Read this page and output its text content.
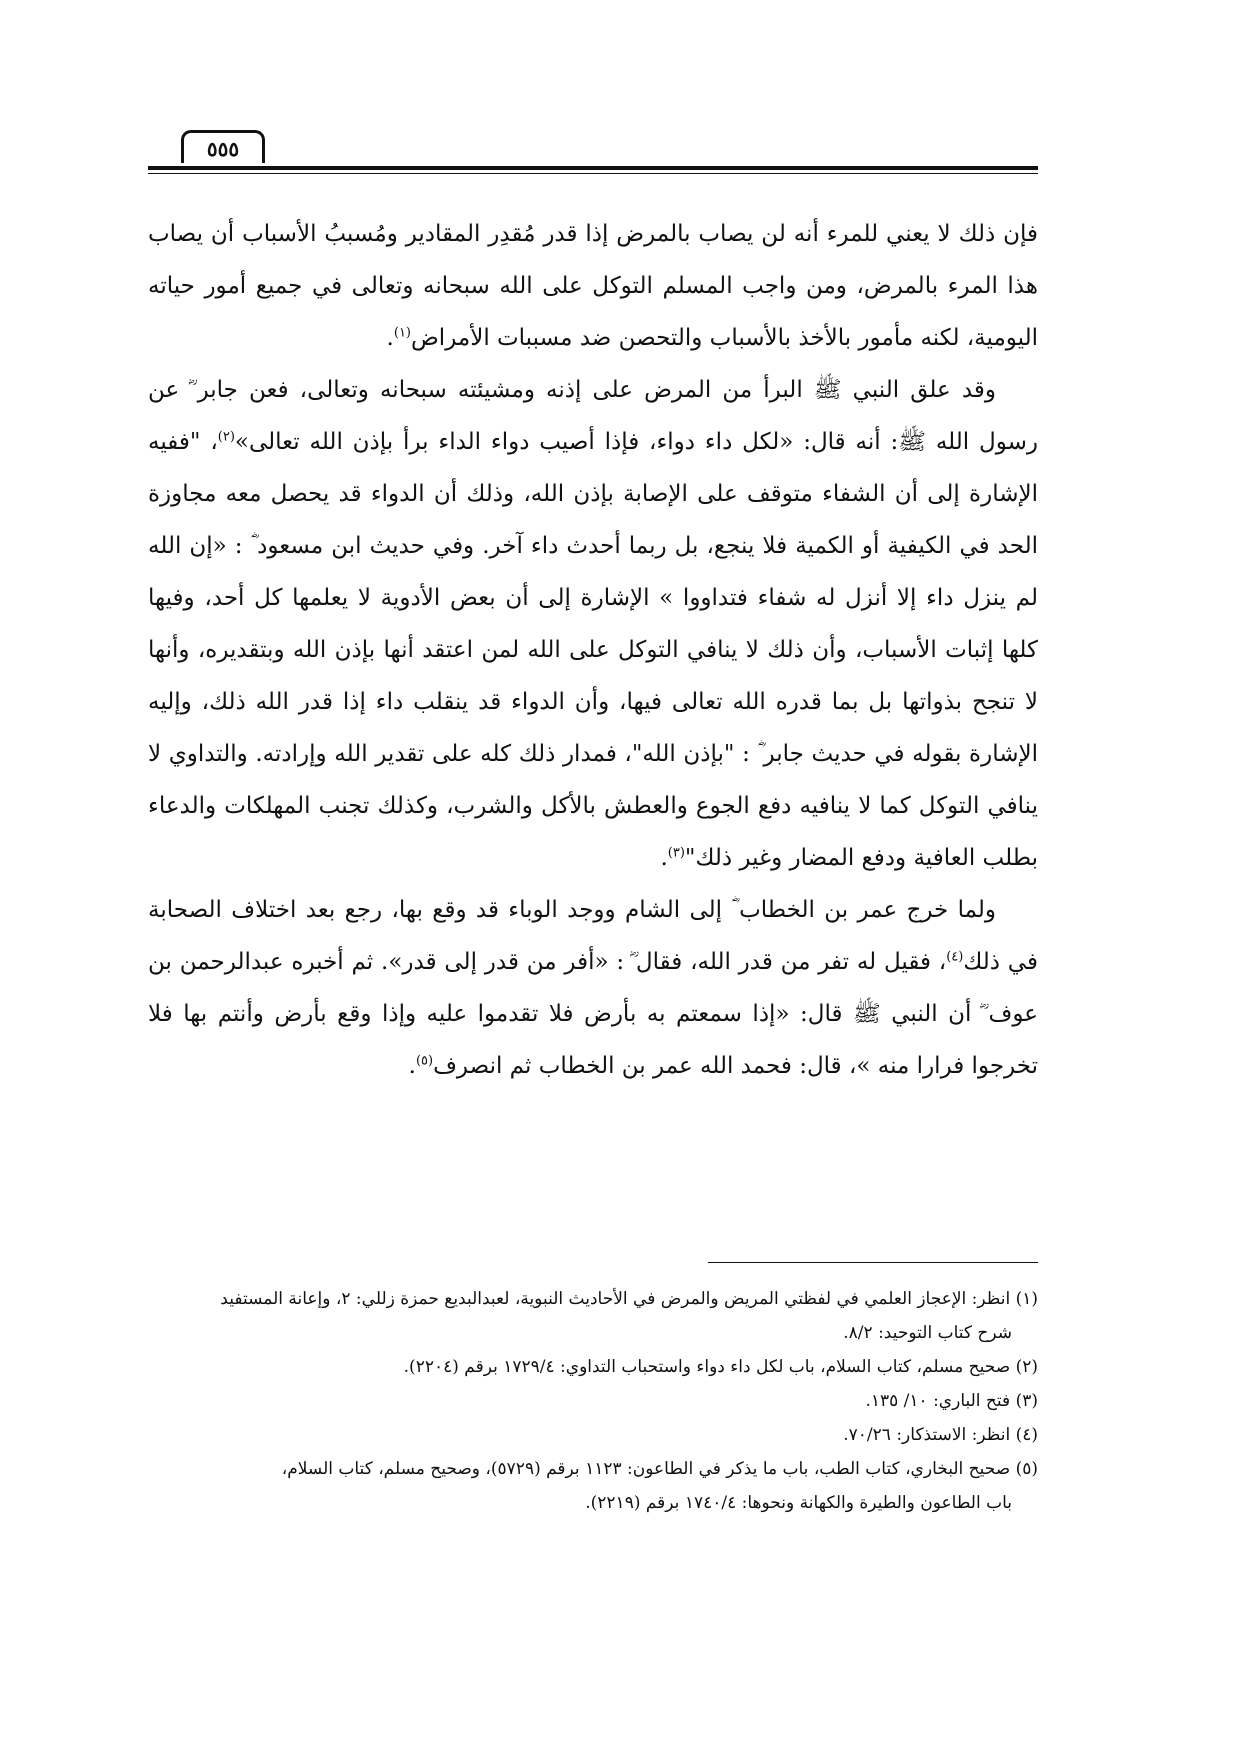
٥٥٥

فإن ذلك لا يعني للمرء أنه لن يصاب بالمرض إذا قدر مُقدِر المقادير ومُسببُ الأسباب أن يصاب هذا المرء بالمرض، ومن واجب المسلم التوكل على الله سبحانه وتعالى في جميع أمور حياته اليومية، لكنه مأمور بالأخذ بالأسباب والتحصن ضد مسببات الأمراض$^{(١)}$.

وقد علق النبي ﷺ البرأ من المرض على إذنه ومشيئته سبحانه وتعالى، فعن جابر ؓ عن رسول الله ﷺ: أنه قال: «لكل داء دواء، فإذا أصيب دواء الداء برأ بإذن الله تعالى»$^{(٢)}$، "ففيه الإشارة إلى أن الشفاء متوقف على الإصابة بإذن الله، وذلك أن الدواء قد يحصل معه مجاوزة الحد في الكيفية أو الكمية فلا ينجع، بل ربما أحدث داء آخر. وفي حديث ابن مسعود ؓ : «إن الله لم ينزل داء إلا أنزل له شفاء فتداووا » الإشارة إلى أن بعض الأدوية لا يعلمها كل أحد، وفيها كلها إثبات الأسباب، وأن ذلك لا ينافي التوكل على الله لمن اعتقد أنها بإذن الله وبتقديره، وأنها لا تنجح بذواتها بل بما قدره الله تعالى فيها، وأن الدواء قد ينقلب داء إذا قدر الله ذلك، وإليه الإشارة بقوله في حديث جابر ؓ : "بإذن الله"، فمدار ذلك كله على تقدير الله وإرادته. والتداوي لا ينافي التوكل كما لا ينافيه دفع الجوع والعطش بالأكل والشرب، وكذلك تجنب المهلكات والدعاء بطلب العافية ودفع المضار وغير ذلك"$^{(٣)}$.

ولما خرج عمر بن الخطاب ؓ إلى الشام ووجد الوباء قد وقع بها، رجع بعد اختلاف الصحابة في ذلك$^{(٤)}$، فقيل له تفر من قدر الله، فقال ؓ : «أفر من قدر إلى قدر». ثم أخبره عبدالرحمن بن عوف ؓ أن النبي ﷺ قال: «إذا سمعتم به بأرض فلا تقدموا عليه وإذا وقع بأرض وأنتم بها فلا تخرجوا فرارا منه »، قال: فحمد الله عمر بن الخطاب ثم انصرف$^{(٥)}$.

(١) انظر: الإعجاز العلمي في لفظتي المريض والمرض في الأحاديث النبوية، لعبدالبديع حمزة زللي: ٢، وإعانة المستفيد
شرح كتاب التوحيد: ٨/٢.

(٢) صحيح مسلم، كتاب السلام، باب لكل داء دواء واستحباب التداوي: ١٧٢٩/٤ برقم (٢٢٠٤).

(٣) فتح الباري: ١٠/ ١٣٥.

(٤) انظر: الاستذكار: ٧٠/٢٦.

(٥) صحيح البخاري، كتاب الطب، باب ما يذكر في الطاعون: ١١٢٣ برقم (٥٧٢٩)، وصحيح مسلم، كتاب السلام،
باب الطاعون والطيرة والكهانة ونحوها: ١٧٤٠/٤ برقم (٢٢١٩).
